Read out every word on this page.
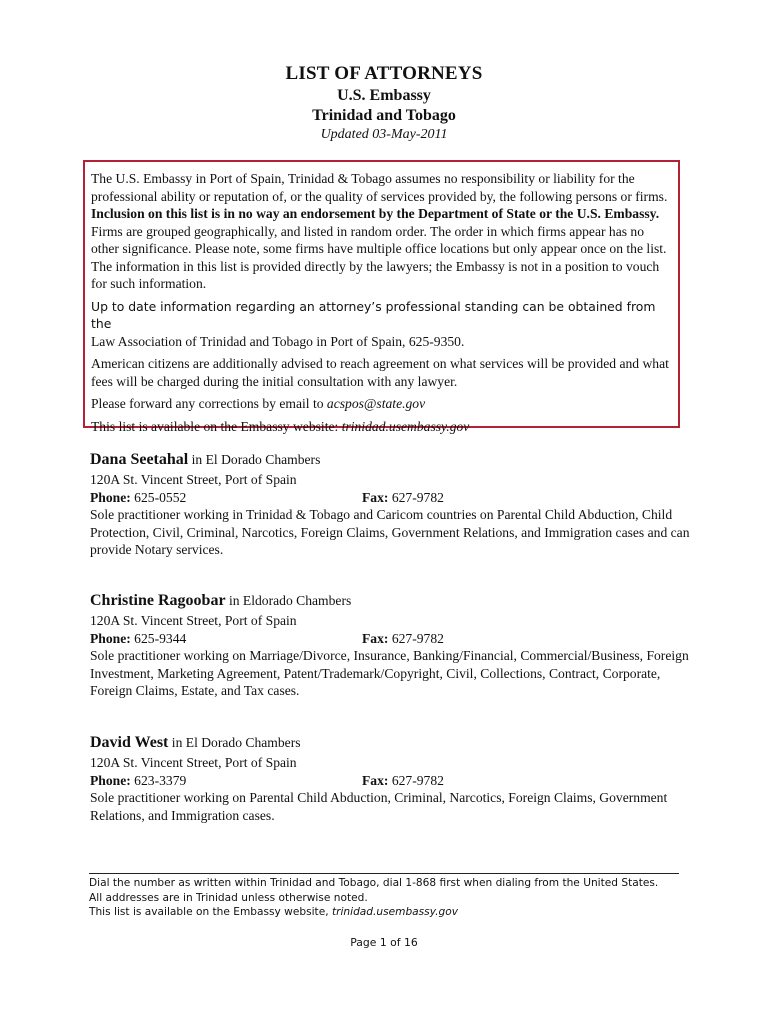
LIST OF ATTORNEYS
U.S. Embassy
Trinidad and Tobago
Updated 03-May-2011

The U.S. Embassy in Port of Spain, Trinidad & Tobago assumes no responsibility or liability for the professional ability or reputation of, or the quality of services provided by, the following persons or firms. Inclusion on this list is in no way an endorsement by the Department of State or the U.S. Embassy. Firms are grouped geographically, and listed in random order. The order in which firms appear has no other significance. Please note, some firms have multiple office locations but only appear once on the list. The information in this list is provided directly by the lawyers; the Embassy is not in a position to vouch for such information.

Up to date information regarding an attorney’s professional standing can be obtained from the
Law Association of Trinidad and Tobago in Port of Spain, 625-9350.

American citizens are additionally advised to reach agreement on what services will be provided and what fees will be charged during the initial consultation with any lawyer.

Please forward any corrections by email to acspos@state.gov

This list is available on the Embassy website: trinidad.usembassy.gov

Dana Seetahal in El Dorado Chambers
120A St. Vincent Street, Port of Spain
Phone: 625-0552	Fax: 627-9782
Sole practitioner working in Trinidad & Tobago and Caricom countries on Parental Child Abduction, Child Protection, Civil, Criminal, Narcotics, Foreign Claims, Government Relations, and Immigration cases and can provide Notary services.
Christine Ragoobar in Eldorado Chambers
120A St. Vincent Street, Port of Spain
Phone: 625-9344	Fax: 627-9782
Sole practitioner working on Marriage/Divorce, Insurance, Banking/Financial, Commercial/Business, Foreign Investment, Marketing Agreement, Patent/Trademark/Copyright, Civil, Collections, Contract, Corporate, Foreign Claims, Estate, and Tax cases.
David West in El Dorado Chambers
120A St. Vincent Street, Port of Spain
Phone: 623-3379	Fax: 627-9782
Sole practitioner working on Parental Child Abduction, Criminal, Narcotics, Foreign Claims, Government Relations, and Immigration cases.
Dial the number as written within Trinidad and Tobago, dial 1-868 first when dialing from the United States.
All addresses are in Trinidad unless otherwise noted.
This list is available on the Embassy website, trinidad.usembassy.gov
Page 1 of 16
